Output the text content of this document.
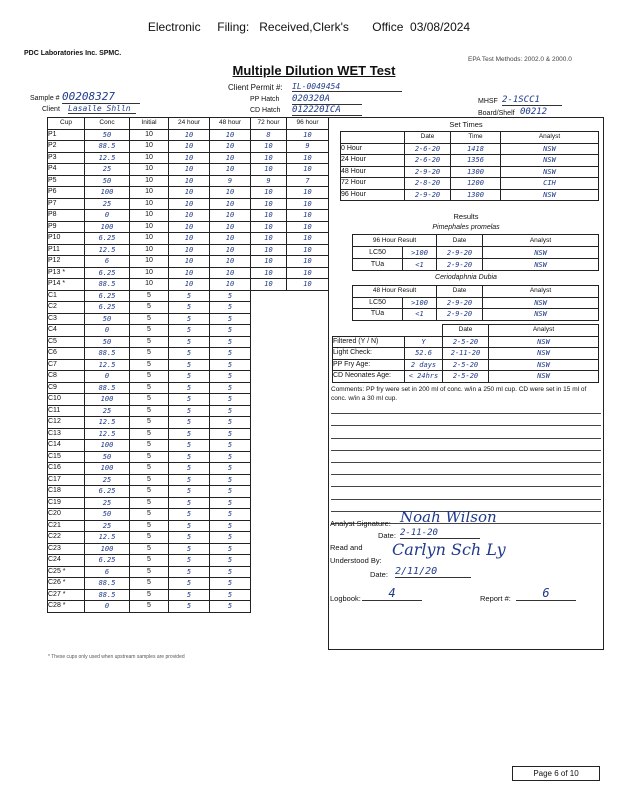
Electronic     Filing:   Received,Clerk's       Office  03/08/2024
PDC Laboratories Inc. SPMC.
EPA Test Methods: 2002.0 & 2000.0
Multiple Dilution WET Test
Client Permit #: IL-0049454
Sample # 00208327
Client Lasalle Shlln
PP Hatch 020320A
CD Hatch 012220ICA
MHSF 2-1SCC1
Board/Shelf 00212
Cup	Conc	Initial	24 hour	48 hour	72 hour	96 hour
P1	50	10	10	10	8	10
P2	88.5	10	10	10	10	9
P3	12.5	10	10	10	10	10
P4	25	10	10	10	10	10
P5	50	10	10	9	9	7
P6	100	10	10	10	10	10
P7	25	10	10	10	10	10
P8	0	10	10	10	10	10
P9	100	10	10	10	10	10
P10	6.25	10	10	10	10	10
P11	12.5	10	10	10	10	10
P12	6	10	10	10	10	10
P13 *	6.25	10	10	10	10	10
P14 *	88.5	10	10	10	10	10
C1	6.25	5	5	5		
C2	6.25	5	5	5		
C3	50	5	5	5		
C4	0	5	5	5		
C5	50	5	5	5		
C6	88.5	5	5	5		
C7	12.5	5	5	5		
C8	0	5	5	5		
C9	88.5	5	5	5		
C10	100	5	5	5		
C11	25	5	5	5		
C12	12.5	5	5	5		
C13	12.5	5	5	5		
C14	100	5	5	5		
C15	50	5	5	5		
C16	100	5	5	5		
C17	25	5	5	5		
C18	6.25	5	5	5		
C19	25	5	5	5		
C20	50	5	5	5		
C21	25	5	5	5		
C22	12.5	5	5	5		
C23	100	5	5	5		
C24	6.25	5	5	5		
C25 *	6	5	5	5		
C26 *	88.5	5	5	5		
C27 *	88.5	5	5	5		
C28 *	0	5	5	5		
Set Times
	Date	Time	Analyst
0 Hour	2-6-20	1418	NSW
24 Hour	2-6-20	1356	NSW
48 Hour	2-9-20	1300	NSW
72 Hour	2-8-20	1200	CIH
96 Hour	2-9-20	1300	NSW
Results
Pimephales promelas
96 Hour Result		Date	Analyst
LC50	>100	2-9-20	NSW
TUa	<1	2-9-20	NSW
Ceriodaphnia Dubia
48 Hour Result		Date	Analyst
LC50	>100	2-9-20	NSW
TUa	<1	2-9-20	NSW
		Date	Analyst
Filtered (Y / N)	Y	2-5-20	NSW
Light Check:	52.6	2-11-20	NSW
PP Fry Age:	2 days	2-5-20	NSW
CD Neonates Age:	< 24hrs	2-5-20	NSW
Comments: PP fry were set in 200 ml of conc. w/in a 250 ml cup. CD were set in 15 ml of conc. w/in a 30 ml cup.
Analyst Signature: Noah Wilson
Date: 2-11-20
Read and
Understood By:
Carlyn Sch Ly
Date: 2/11/20
Logbook:	4	Report #:	6
* These cups only used when upstream samples are provided
Page 6 of 10
